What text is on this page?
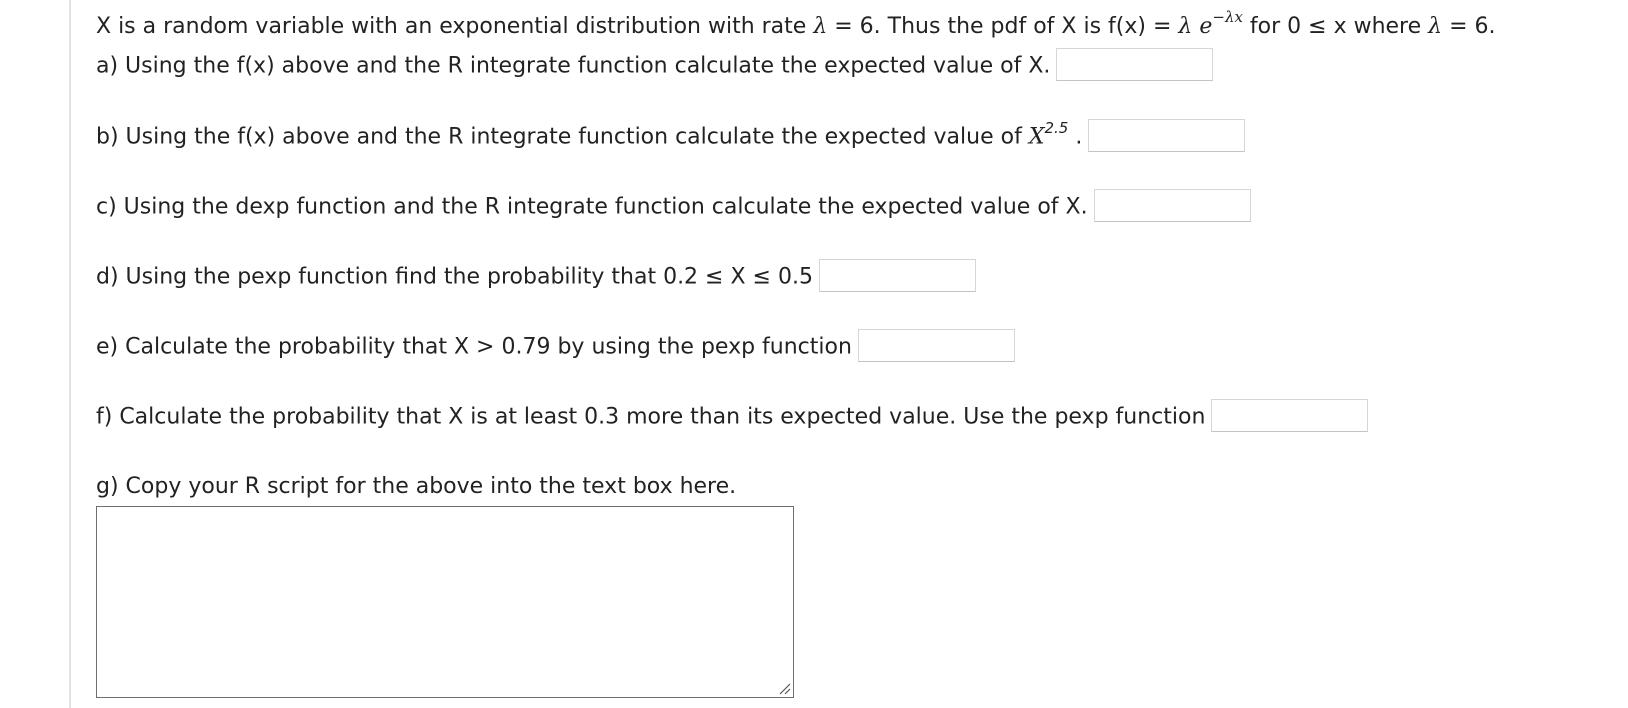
X is a random variable with an exponential distribution with rate λ = 6. Thus the pdf of X is f(x) = λ $e^{-\lambda x}$ for 0 ≤ x where λ = 6.
a) Using the f(x) above and the R integrate function calculate the expected value of X.
b) Using the f(x) above and the R integrate function calculate the expected value of $X^{2.5}$ .
c) Using the dexp function and the R integrate function calculate the expected value of X.
d) Using the pexp function find the probability that 0.2 ≤ X ≤ 0.5
e) Calculate the probability that X > 0.79 by using the pexp function
f) Calculate the probability that X is at least 0.3 more than its expected value. Use the pexp function
g) Copy your R script for the above into the text box here.
